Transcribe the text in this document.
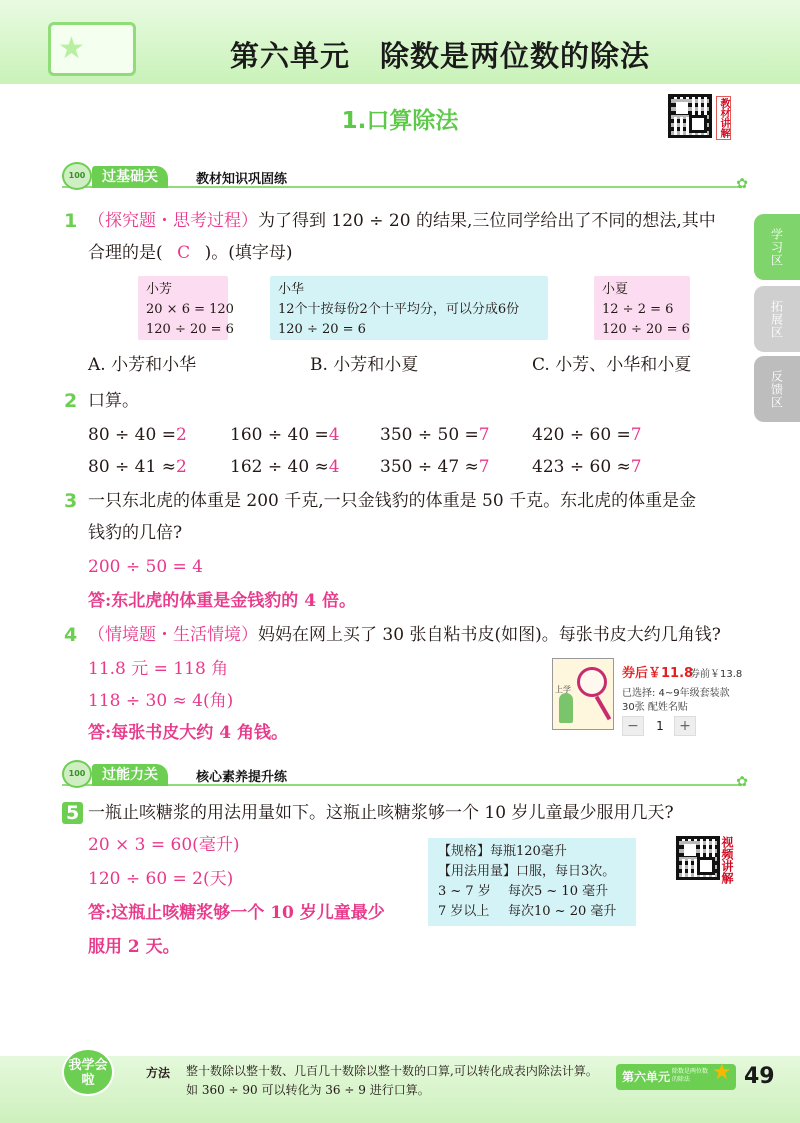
★	第六单元　除数是两位数的除法
1.口算除法	教材讲解
学习区
拓展区
反馈区
100	过基础关	教材知识巩固练	✿
1 （探究题・思考过程）为了得到 120 ÷ 20 的结果,三位同学给出了不同的想法,其中
合理的是( C )。(填字母)
小芳
20 × 6 = 120
120 ÷ 20 = 6
小华
12个十按每份2个十平均分，可以分成6份
120 ÷ 20 = 6
小夏
12 ÷ 2 = 6
120 ÷ 20 = 6
A. 小芳和小华	B. 小芳和小夏	C. 小芳、小华和小夏
2 口算。
80 ÷ 40 =2	160 ÷ 40 =4 350 ÷ 50 =7 420 ÷ 60 =7
80 ÷ 41 ≈2	162 ÷ 40 ≈4 350 ÷ 47 ≈7 423 ÷ 60 ≈7
3 一只东北虎的体重是 200 千克,一只金钱豹的体重是 50 千克。东北虎的体重是金
钱豹的几倍?
200 ÷ 50 = 4
答:东北虎的体重是金钱豹的 4 倍。
4 （情境题・生活情境）妈妈在网上买了 30 张自粘书皮(如图)。每张书皮大约几角钱?
11.8 元 = 118 角
118 ÷ 30 ≈ 4(角)
答:每张书皮大约 4 角钱。
上学
券后￥11.8
券前￥13.8
已选择: 4~9年级套装款
30张 配姓名贴
−	1	+
100	过能力关	核心素养提升练	✿
5 一瓶止咳糖浆的用法用量如下。这瓶止咳糖浆够一个 10 岁儿童最少服用几天?
20 × 3 = 60(毫升)
120 ÷ 60 = 2(天)
答:这瓶止咳糖浆够一个 10 岁儿童最少
服用 2 天。
【规格】每瓶120毫升
【用法用量】口服，每日3次。
3 ~ 7 岁 每次5 ~ 10 毫升
7 岁以上 每次10 ~ 20 毫升
视频讲解
我学会啦	方法 整十数除以整十数、几百几十数除以整十数的口算,可以转化成表内除法计算。如 360 ÷ 90 可以转化为 36 ÷ 9 进行口算。
第六单元 除数是两位数的除法 ★ 49
